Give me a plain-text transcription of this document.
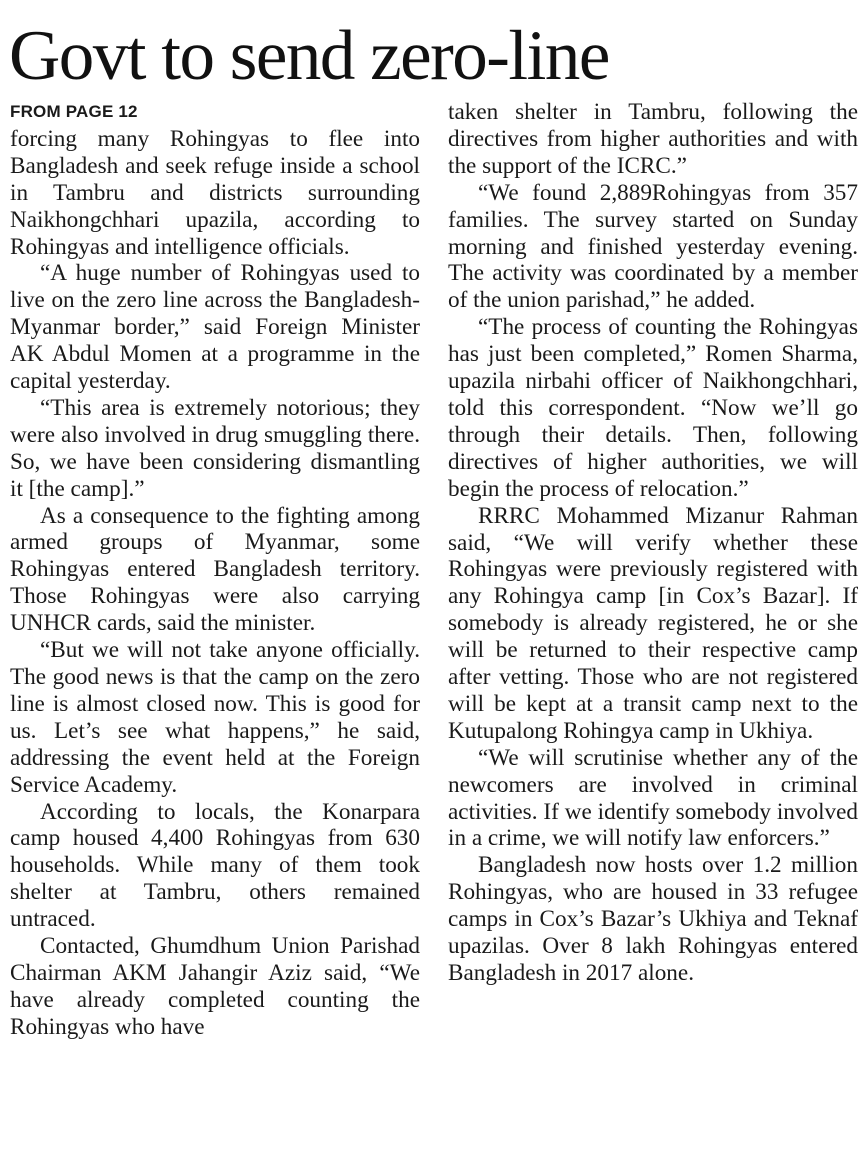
Govt to send zero-line
FROM PAGE 12

forcing many Rohingyas to flee into Bangladesh and seek refuge inside a school in Tambru and districts surrounding Naikhongchhari upazila, according to Rohingyas and intelligence officials.

“A huge number of Rohingyas used to live on the zero line across the Bangladesh-Myanmar border,” said Foreign Minister AK Abdul Momen at a programme in the capital yesterday.

“This area is extremely notorious; they were also involved in drug smuggling there. So, we have been considering dismantling it [the camp].”

As a consequence to the fighting among armed groups of Myanmar, some Rohingyas entered Bangladesh territory. Those Rohingyas were also carrying UNHCR cards, said the minister.

“But we will not take anyone officially. The good news is that the camp on the zero line is almost closed now. This is good for us. Let’s see what happens,” he said, addressing the event held at the Foreign Service Academy.

According to locals, the Konarpara camp housed 4,400 Rohingyas from 630 households. While many of them took shelter at Tambru, others remained untraced.

Contacted, Ghumdhum Union Parishad Chairman AKM Jahangir Aziz said, “We have already completed counting the Rohingyas who have

taken shelter in Tambru, following the directives from higher authorities and with the support of the ICRC.”

“We found 2,889Rohingyas from 357 families. The survey started on Sunday morning and finished yesterday evening. The activity was coordinated by a member of the union parishad,” he added.

“The process of counting the Rohingyas has just been completed,” Romen Sharma, upazila nirbahi officer of Naikhongchhari, told this correspondent. “Now we’ll go through their details. Then, following directives of higher authorities, we will begin the process of relocation.”

RRRC Mohammed Mizanur Rahman said, “We will verify whether these Rohingyas were previously registered with any Rohingya camp [in Cox’s Bazar]. If somebody is already registered, he or she will be returned to their respective camp after vetting. Those who are not registered will be kept at a transit camp next to the Kutupalong Rohingya camp in Ukhiya.

“We will scrutinise whether any of the newcomers are involved in criminal activities. If we identify somebody involved in a crime, we will notify law enforcers.”

Bangladesh now hosts over 1.2 million Rohingyas, who are housed in 33 refugee camps in Cox’s Bazar’s Ukhiya and Teknaf upazilas. Over 8 lakh Rohingyas entered Bangladesh in 2017 alone.
